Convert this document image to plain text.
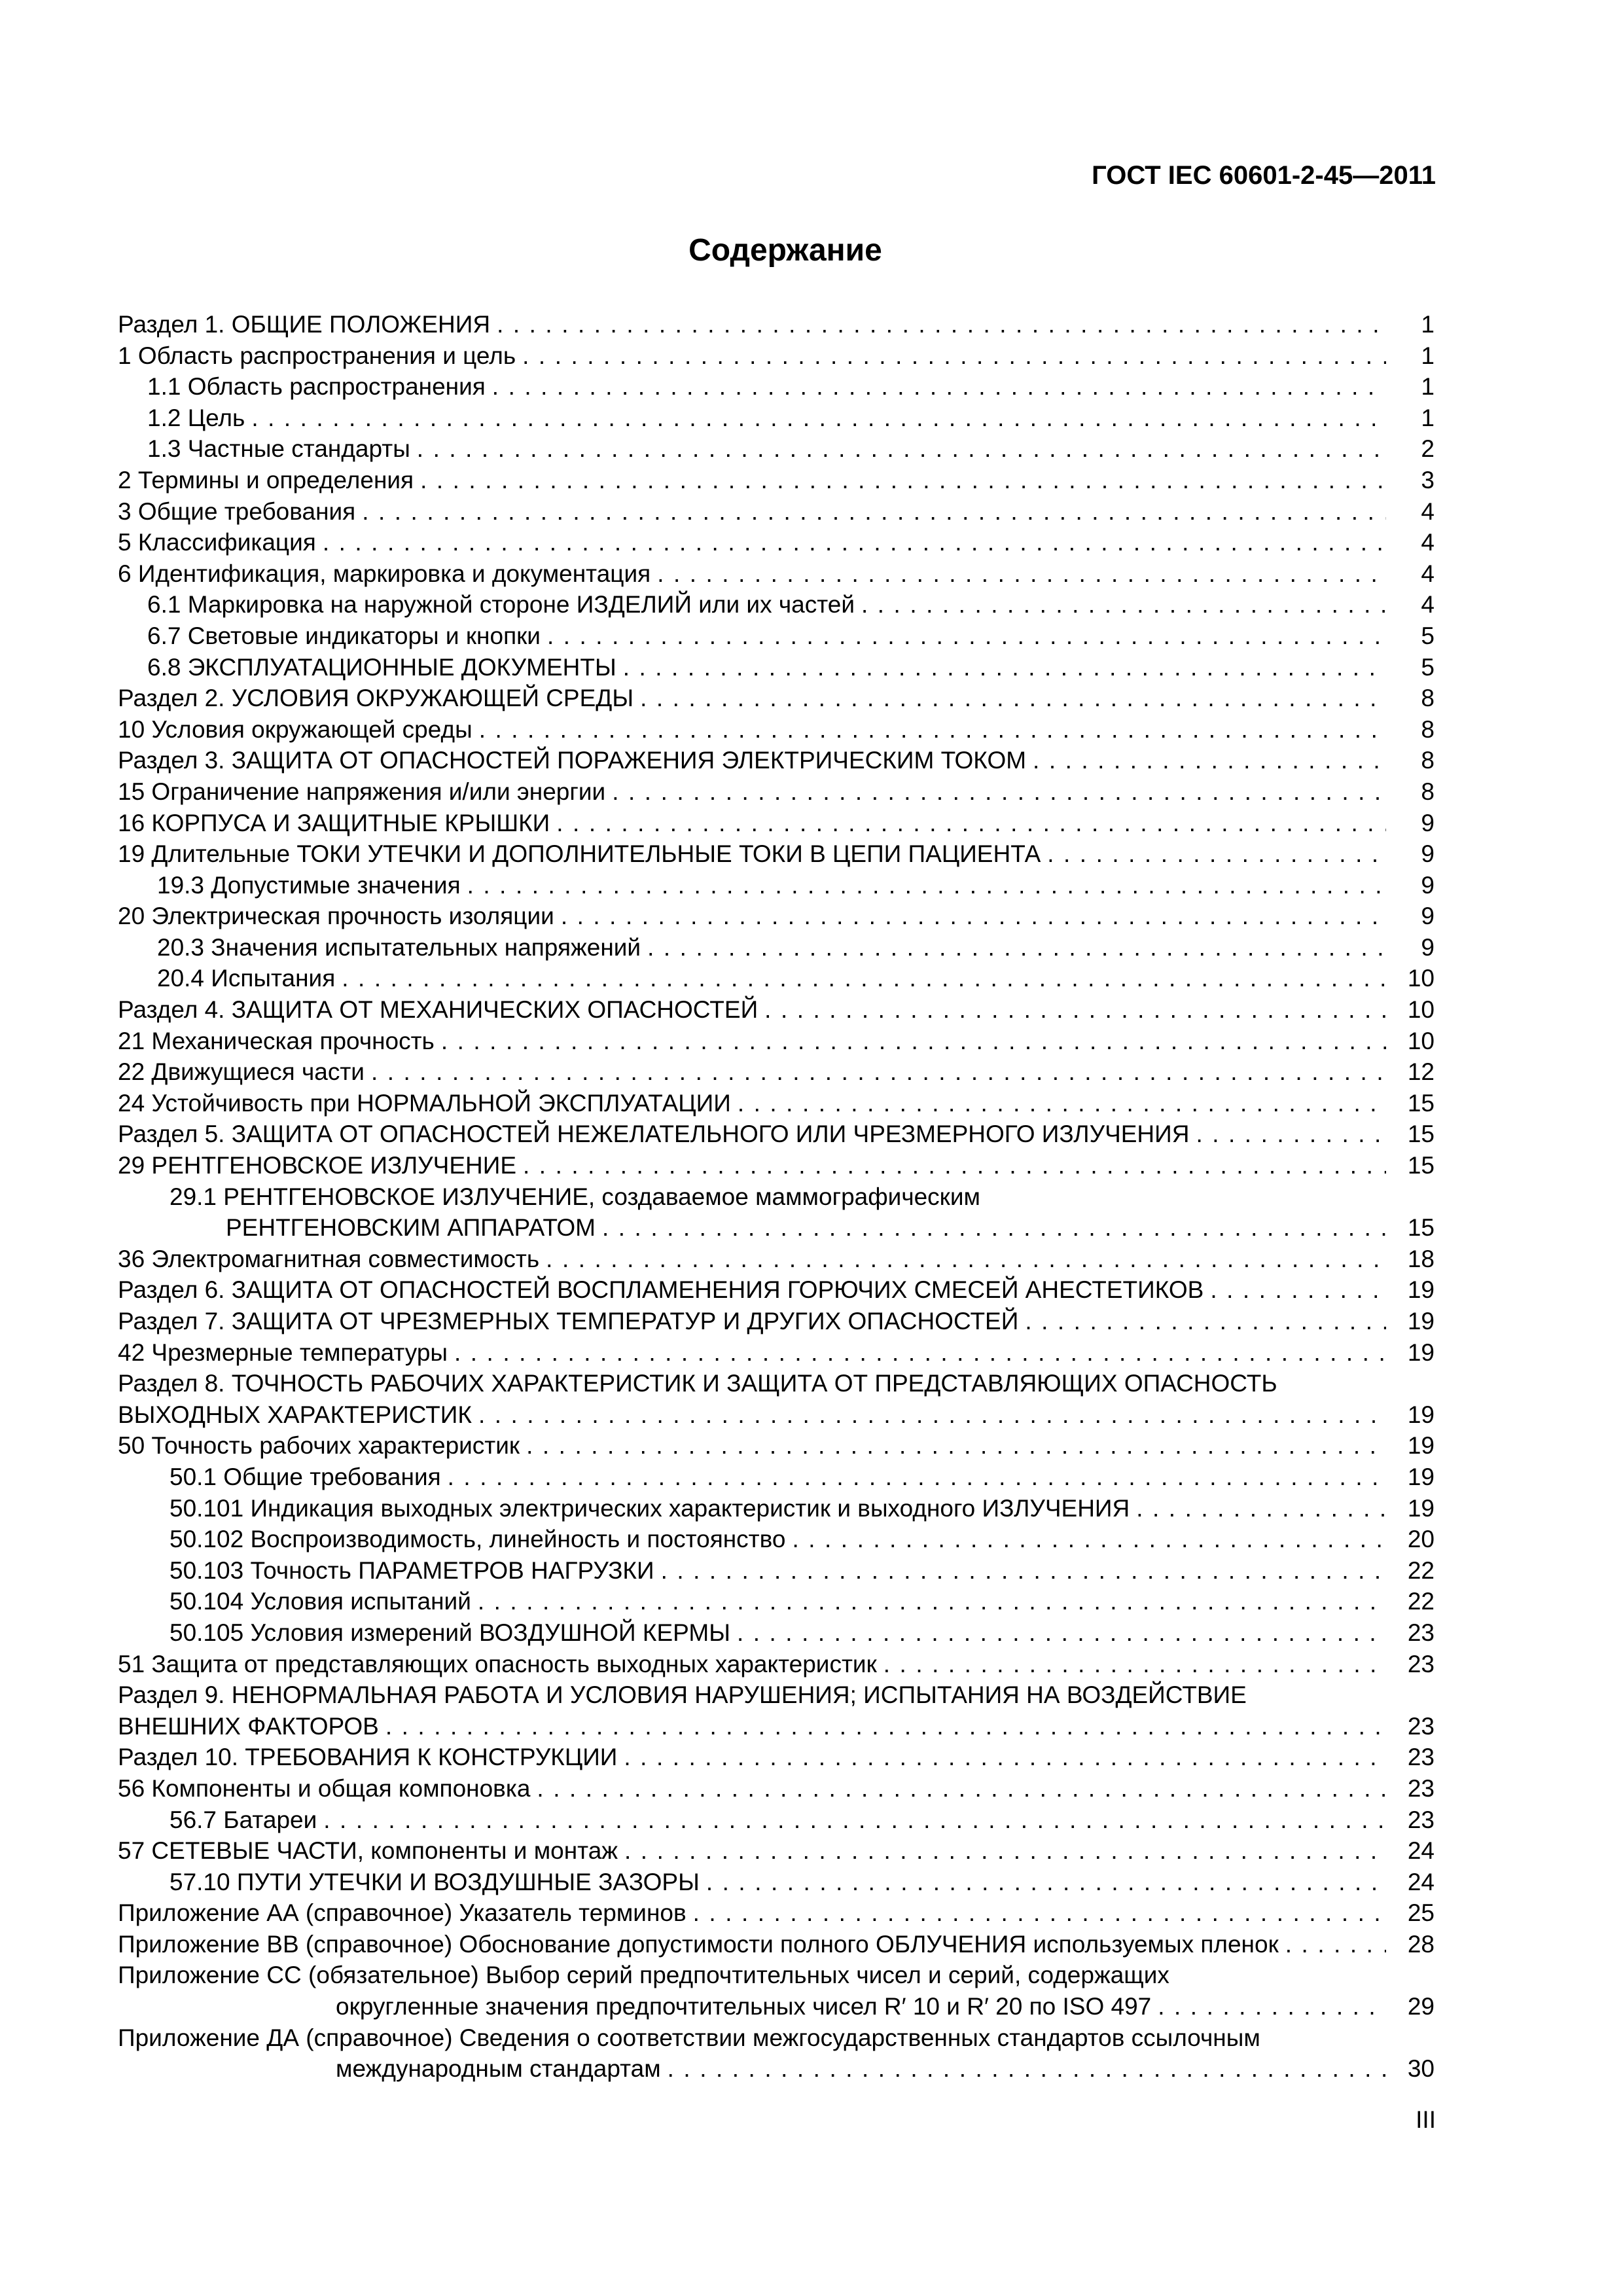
ГОСТ IEC 60601-2-45—2011
Содержание
Раздел 1. ОБЩИЕ ПОЛОЖЕНИЯ .....	1
1 Область распространения и цель .....	1
1.1 Область распространения .....	1
1.2 Цель .....	1
1.3 Частные стандарты .....	2
2 Термины и определения .....	3
3 Общие требования .....	4
5 Классификация .....	4
6 Идентификация, маркировка и документация .....	4
6.1 Маркировка на наружной стороне ИЗДЕЛИЙ или их частей .....	4
6.7 Световые индикаторы и кнопки .....	5
6.8 ЭКСПЛУАТАЦИОННЫЕ ДОКУМЕНТЫ .....	5
Раздел 2. УСЛОВИЯ ОКРУЖАЮЩЕЙ СРЕДЫ .....	8
10 Условия окружающей среды .....	8
Раздел 3. ЗАЩИТА ОТ ОПАСНОСТЕЙ ПОРАЖЕНИЯ ЭЛЕКТРИЧЕСКИМ ТОКОМ .....	8
15 Ограничение напряжения и/или энергии .....	8
16 КОРПУСА И ЗАЩИТНЫЕ КРЫШКИ .....	9
19 Длительные ТОКИ УТЕЧКИ И ДОПОЛНИТЕЛЬНЫЕ ТОКИ В ЦЕПИ ПАЦИЕНТА .....	9
19.3 Допустимые значения .....	9
20 Электрическая прочность изоляции .....	9
20.3 Значения испытательных напряжений .....	9
20.4 Испытания .....	10
Раздел 4. ЗАЩИТА ОТ МЕХАНИЧЕСКИХ ОПАСНОСТЕЙ .....	10
21 Механическая прочность .....	10
22 Движущиеся части .....	12
24 Устойчивость при НОРМАЛЬНОЙ ЭКСПЛУАТАЦИИ .....	15
Раздел 5. ЗАЩИТА ОТ ОПАСНОСТЕЙ НЕЖЕЛАТЕЛЬНОГО ИЛИ ЧРЕЗМЕРНОГО ИЗЛУЧЕНИЯ .....	15
29 РЕНТГЕНОВСКОЕ ИЗЛУЧЕНИЕ .....	15
29.1 РЕНТГЕНОВСКОЕ ИЗЛУЧЕНИЕ, создаваемое маммографическим
РЕНТГЕНОВСКИМ АППАРАТОМ .....	15
36 Электромагнитная совместимость .....	18
Раздел 6. ЗАЩИТА ОТ ОПАСНОСТЕЙ ВОСПЛАМЕНЕНИЯ ГОРЮЧИХ СМЕСЕЙ АНЕСТЕТИКОВ .....	19
Раздел 7. ЗАЩИТА ОТ ЧРЕЗМЕРНЫХ ТЕМПЕРАТУР И ДРУГИХ ОПАСНОСТЕЙ .....	19
42 Чрезмерные температуры .....	19
Раздел 8. ТОЧНОСТЬ РАБОЧИХ ХАРАКТЕРИСТИК И ЗАЩИТА ОТ ПРЕДСТАВЛЯЮЩИХ ОПАСНОСТЬ
ВЫХОДНЫХ ХАРАКТЕРИСТИК .....	19
50 Точность рабочих характеристик .....	19
50.1 Общие требования .....	19
50.101 Индикация выходных электрических характеристик и выходного ИЗЛУЧЕНИЯ .....	19
50.102 Воспроизводимость, линейность и постоянство .....	20
50.103 Точность ПАРАМЕТРОВ НАГРУЗКИ .....	22
50.104 Условия испытаний .....	22
50.105 Условия измерений ВОЗДУШНОЙ КЕРМЫ .....	23
51 Защита от представляющих опасность выходных характеристик .....	23
Раздел 9. НЕНОРМАЛЬНАЯ РАБОТА И УСЛОВИЯ НАРУШЕНИЯ; ИСПЫТАНИЯ НА ВОЗДЕЙСТВИЕ
ВНЕШНИХ ФАКТОРОВ .....	23
Раздел 10. ТРЕБОВАНИЯ К КОНСТРУКЦИИ .....	23
56 Компоненты и общая компоновка .....	23
56.7 Батареи .....	23
57 СЕТЕВЫЕ ЧАСТИ, компоненты и монтаж .....	24
57.10 ПУТИ УТЕЧКИ И ВОЗДУШНЫЕ ЗАЗОРЫ .....	24
Приложение АА (справочное) Указатель терминов .....	25
Приложение ВВ (справочное) Обоснование допустимости полного ОБЛУЧЕНИЯ используемых пленок .....	28
Приложение СС (обязательное) Выбор серий предпочтительных чисел и серий, содержащих
округленные значения предпочтительных чисел R′ 10 и R′ 20 по ISO 497 .....	29
Приложение ДА (справочное) Сведения о соответствии межгосударственных стандартов ссылочным
международным стандартам .....	30
III
